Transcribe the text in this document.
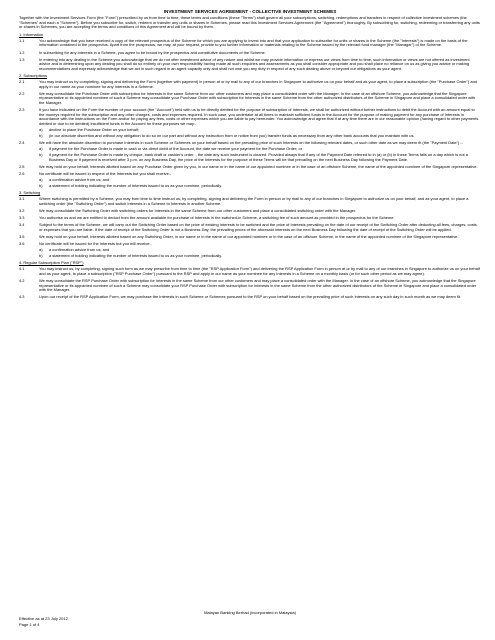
INVESTMENT SERVICES AGREEMENT - COLLECTIVE INVESTMENT SCHEMES
Together with the Investment Services Form (the "Form") prescribed by us from time to time, these terms and conditions (these "Terms") shall govern all your subscriptions, switching, redemptions and transfers in respect of collective investment schemes (the "Schemes" and each a "Scheme"). Before you subscribe for, switch, redeem or transfer any units or shares in Schemes, please read this Investment Services Agreement (the "Agreement") thoroughly. By subscribing for, switching, redeeming or transferring any units or shares in Schemes, you are accepting the terms and conditions of this Agreement and will be bound by them.
1. Information
1.1	You acknowledge that you have received a copy of the relevant prospectus of the Scheme for which you are applying to invest into and that your application to subscribe for units or shares in the Scheme (the "Interests") is made on the basis of the information contained in the prospectus. Apart from the prospectus, we may, at your request, provide to you further information or materials relating to the Scheme issued by the relevant fund manager (the "Manager") of the Scheme.
1.2	In subscribing for any Interests in a Scheme, you agree to be bound by the prospectus and constitutive documents of the Scheme.
1.3	In entering into any dealing in the Scheme you acknowledge that we do not offer investment advice of any nature and whilst we may provide information or express our views from time to time, such information or views are not offered as investment advice and in determining upon any dealing you shall do so entirely on your own responsibility having made all such enquiries and assessments as you shall consider appropriate and you shall place no reliance on us as giving you advice or making recommendations and expressly acknowledge that we act in such regard in an agent capacity only and shall not owe you any duty in respect of any such dealing above or beyond our obligations as your agent.
2. Subscriptions
2.1	You may instruct us by completing, signing and delivering the Form (together with payment) in person at or by mail to any of our branches in Singapore to authorize us on your behalf and as your agent, to place a subscription (the "Purchase Order") and apply in our name as your nominee for any Interests in a Scheme.
2.2	We may consolidate the Purchase Order with subscription for Interests in the same Scheme from our other customers and may place a consolidated order with the Manager. In the case of an offshore Scheme, you acknowledge that the Singapore representative or its appointed nominee of such a Scheme may consolidate your Purchase Order with subscription for Interests in the same Scheme from the other authorized distributors of the Scheme in Singapore and place a consolidated order with the Manager.
2.3	If you have indicated on the Form the number of your account (the "Account") held with us to be directly debited for the purpose of subscription of Interests, we shall be authorized without further instructions to debit the Account with an amount equal to the moneys required for the subscription and any other charges, costs and expenses required. In such case, you undertake at all times to maintain sufficient funds in the Account for the purpose of making payment for any purchase of Interests in accordance with the instructions on the Form and/or for paying any fees, costs or other expenses which you are liable to pay hereunder. You acknowledge and agree that if at any time there are in our reasonable opinion (having regard to other payments debited or due to be debited) insufficient funds in the Account for these purposes we may:-
a)	decline to place the Purchase Order on your behalf;
b)	(in our absolute discretion and without any obligation to do so on our part and without any instruction from or notice from you) transfer funds as necessary from any other bank accounts that you maintain with us.
2.4	We will have the absolute discretion to purchase Interests in such Scheme or Schemes on your behalf based on the prevailing price of such Interests on the following relevant dates, or such other date as we may deem fit (the "Payment Date") :-
a)	if payment for the Purchase Order is made in cash or via direct debit of the Account, the date we receive your payment for the Purchase Order; or
b)	if payment for the Purchase Order is made by cheque, bank draft or cashier's order, , the date any such instrument is cleared. Provided always that if any of the Payment Date referred to in (a) or (b) in these Terms falls on a day which is not a Business Day or if payment is received after 3 p.m. on any Business Day, the price of the Interests for the purpose of these Terms will be that prevailing on the next Business Day following the Payment Date.
2.5	We may hold on your behalf, Interests allotted based on any Purchase Order given by you, in our name or in the name of our appointed nominee or in the case of an offshore Scheme, the name of the appointed nominee of the Singapore representative.
2.6	No certificate will be issued in respect of the Interests but you shall receive:-
a)	a confirmation advice from us; and
b)	a statement of holding indicating the number of Interests issued to us as your nominee, periodically.
3. Switching
3.1	Where switching is permitted by a Scheme, you may from time to time instruct us, by completing, signing and delivering the Form in person or by mail to any of our branches in Singapore to authorize us on your behalf, and as your agent, to place a switching order (the "Switching Order") and switch Interests in a Scheme to Interests in another Scheme.
3.2	We may consolidate the Switching Order with switching orders for Interests in the same Scheme from our other customers and place a consolidated switching order with the Manager.
3.3	You authorise us and we are entitled to deduct from the amount available for purchase of Interests in the switched-in Scheme, a switching fee of such amount as provided in the prospectus for the Scheme.
3.4	Subject to the terms of the Scheme, we will carry out the Switching Order based on the price of existing Interests to be switched and the price of Interests prevailing on the date of our receipt of the Switching Order after deducting all fees, charges, costs or expenses that you are liable. If the date of receipt of the Switching Order is not a Business Day, the prevailing prices of the aforesaid Interests on the next Business Day following the date of receipt of the Switching Order will be applied.
3.5	We may hold on your behalf, Interests allotted based on any Switching Order, in our name or in the name of our appointed nominee or in the case of an offshore Scheme, in the name of the appointed nominee of the Singapore representative.
3.6	No certificate will be issued for the Interests but you will receive:-
a)	a confirmation advice from us; and
b)	a statement of holding indicating the number of Interests issued to us as your nominee, periodically.
4. Regular Subscription Plan ("RSP")
4.1	You may instruct us, by completing, signing such form as we may prescribe from time to time (the "RSP Application Form") and delivering the RSP Application Form in person at or by mail to any of our branches in Singapore to authorize us on your behalf and as your agent, to place a subscription ("RSP Purchase Order") pursuant to the RSP and apply in our name as your nominee for any Interests in a Scheme on a monthly basis (or for such other period as we may agree).
4.2	We may consolidate the RSP Purchase Order with subscription for Interests in the same Scheme from our other customers and may place a consolidated order with the Manager. In the case of an offshore Scheme, you acknowledge that the Singapore representative or its appointed nominee of such a Scheme may consolidate your RSP Purchase Order with subscription for Interests in the same Scheme from the other authorized distributors of the Scheme in Singapore and place a consolidated order with the Manager.
4.3	Upon our receipt of the RSP Application Form, we may purchase the Interests in such Scheme or Schemes pursuant to the RSP on your behalf based on the prevailing price of such Interests on any such day in such month as we may deem fit.
Malayan Banking Berhad (incorporated in Malaysia)
Effective as at 23 July 2012
Page 1 of 4
